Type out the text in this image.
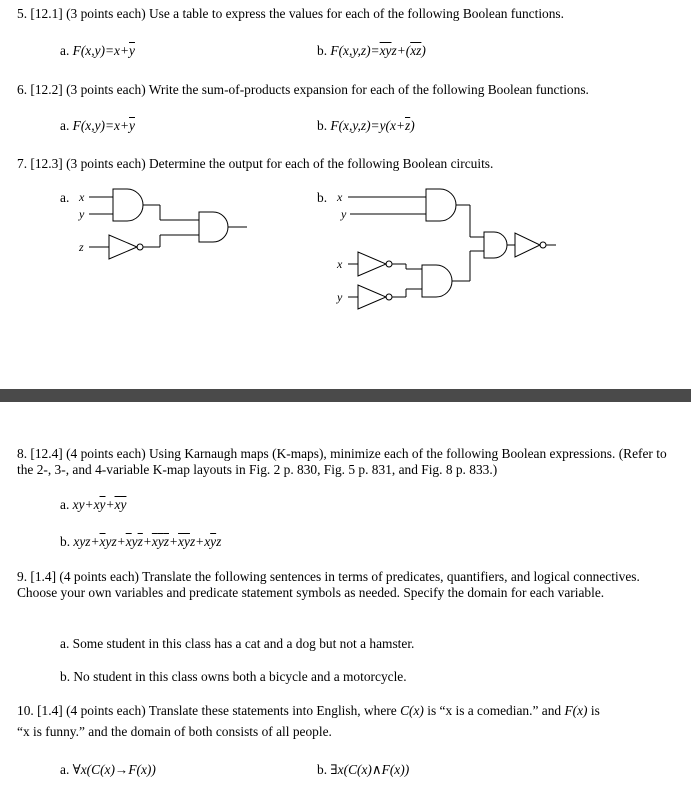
5. [12.1] (3 points each) Use a table to express the values for each of the following Boolean functions.
a. $F(x,y)=x+\overline{y}$	b. $F(x,y,z)=\overline{xy}z+(\overline{xz})$
6. [12.2] (3 points each) Write the sum-of-products expansion for each of the following Boolean functions.
a. $F(x,y)=x+\overline{y}$	b. $F(x,y,z)=y(x+\overline{z})$
7. [12.3] (3 points each) Determine the output for each of the following Boolean circuits.
a. x
y
z
b. x
y
x
y
8. [12.4] (4 points each) Using Karnaugh maps (K-maps), minimize each of the following Boolean expressions. (Refer to the 2-, 3-, and 4-variable K-map layouts in Fig. 2 p. 830, Fig. 5 p. 831, and Fig. 8 p. 833.)
a. $xy+x\overline{y}+\overline{x}\overline{y}$
b. $xyz+\overline{x}yz+\overline{x}y\overline{z}+\overline{x}\overline{y}\overline{z}+\overline{x}\overline{y}z+x\overline{y}z$
9. [1.4] (4 points each) Translate the following sentences in terms of predicates, quantifiers, and logical connectives. Choose your own variables and predicate statement symbols as needed. Specify the domain for each variable.
a. Some student in this class has a cat and a dog but not a hamster.
b. No student in this class owns both a bicycle and a motorcycle.
10. [1.4] (4 points each) Translate these statements into English, where C(x) is “x is a comedian.” and F(x) is
“x is funny.” and the domain of both consists of all people.
a. ∀x(C(x)→F(x))	b. ∃x(C(x)∧F(x))
